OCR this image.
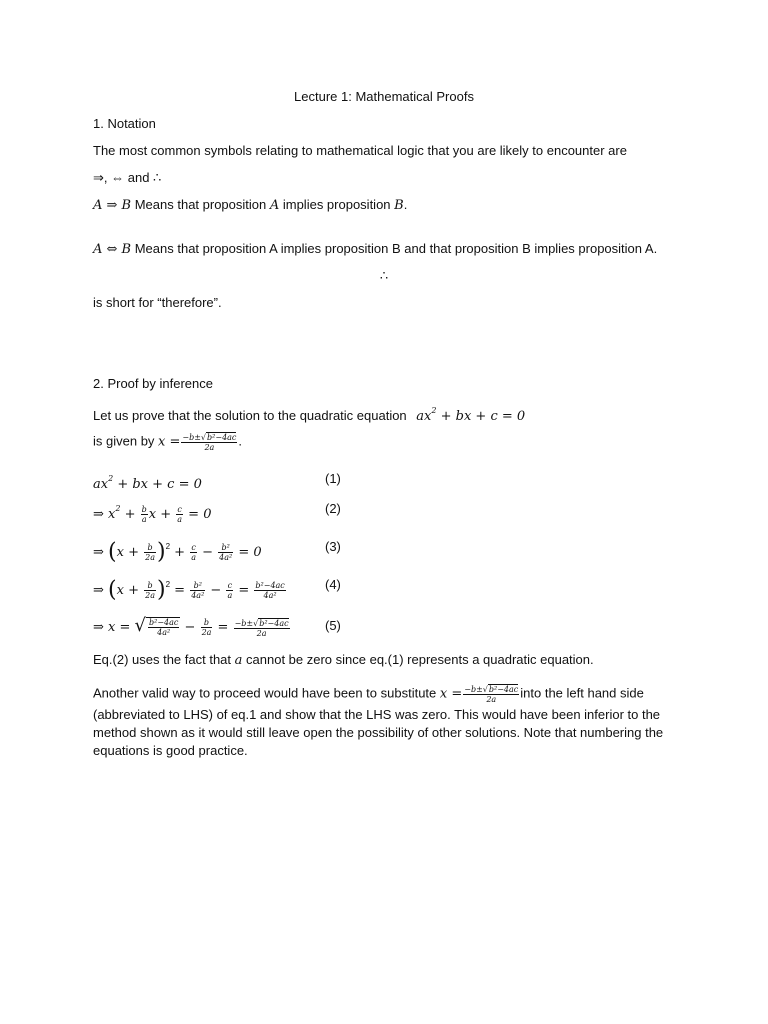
Lecture 1: Mathematical Proofs
1. Notation
The most common symbols relating to mathematical logic that you are likely to encounter are
⇒, ⇔ and ∴
A ⇒ B Means that proposition A implies proposition B.
A ⇔ B Means that proposition A implies proposition B and that proposition B implies proposition A.
∴
is short for “therefore”.
2. Proof by inference
Let us prove that the solution to the quadratic equation $ax^2$ + bx + c = 0
is given by $x = \frac{\text{−b±√b²−4ac}}{2a}$ .
$ax^2$ + bx + c = 0	(1)
⇒ $x^2 + \frac{b}{a}$ $x + \frac{c}{a} = 0$	(2)
⇒ $(x + \frac{b}{2a} )^2 + \frac{c}{a} - \frac{\text{b²}}{\text{4a²}} = 0$	(3)
⇒ $(x + \frac{b}{2a} )^2 = \frac{\text{b²}}{\text{4a²}} - \frac{c}{a} = \frac{\text{b²−4ac}}{\text{4a²}}$	(4)
⇒ x = √ $\frac{\text{b²−4ac}}{\text{4a²}} - \frac{b}{2a} = \frac{\text{−b±√b²−4ac}}{2a}$	(5)
Eq.(2) uses the fact that a cannot be zero since eq.(1) represents a quadratic equation.
Another valid way to proceed would have been to substitute $x = \frac{\text{−b±√b²−4ac}}{2a}$ into the left hand side
(abbreviated to LHS) of eq.1 and show that the LHS was zero. This would have been inferior to the
method shown as it would still leave open the possibility of other solutions. Note that numbering the
equations is good practice.
